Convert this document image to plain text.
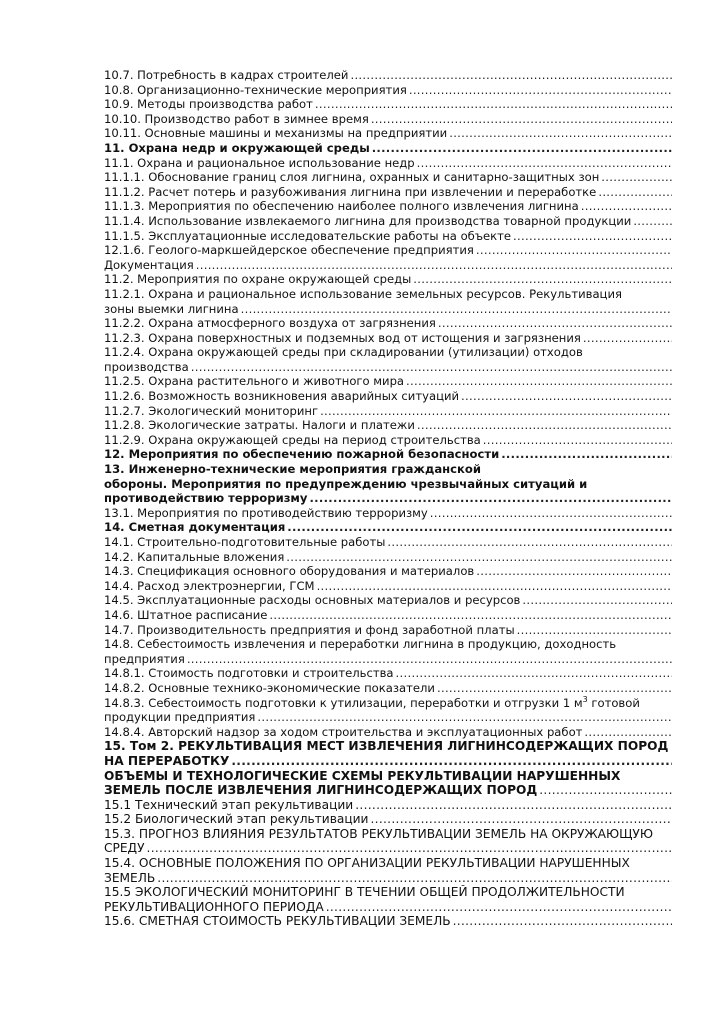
10.7. Потребность в кадрах строителей
.....
10.8. Организационно-технические мероприятия
.....
10.9. Методы производства работ
.....
10.10. Производство работ в зимнее время
.....
10.11. Основные машины и механизмы на предприятии
.....
11. Охрана недр и окружающей среды
.....
11.1. Охрана и рациональное использование недр
.....
11.1.1. Обоснование границ слоя лигнина, охранных и санитарно-защитных зон
.....
11.1.2. Расчет потерь и разубоживания лигнина при извлечении и переработке
.....
11.1.3. Мероприятия по обеспечению наиболее полного извлечения лигнина
.....
11.1.4. Использование извлекаемого лигнина для производства товарной продукции
.....
11.1.5. Эксплуатационные исследовательские работы на объекте
.....
12.1.6. Геолого-маркшейдерское обеспечение предприятия
.....
Документация
.....
11.2. Мероприятия по охране окружающей среды
.....
11.2.1. Охрана и рациональное использование земельных ресурсов. Рекультивация
зоны выемки лигнина
.....
11.2.2. Охрана атмосферного воздуха от загрязнения
.....
11.2.3. Охрана поверхностных и подземных вод от истощения и загрязнения
.....
11.2.4. Охрана окружающей среды при складировании (утилизации) отходов
производства
.....
11.2.5. Охрана растительного и животного мира
.....
11.2.6. Возможность возникновения аварийных ситуаций
.....
11.2.7. Экологический мониторинг
.....
11.2.8. Экологические затраты. Налоги и платежи
.....
11.2.9. Охрана окружающей среды на период строительства
.....
12. Мероприятия по обеспечению пожарной безопасности
.....
13. Инженерно-технические мероприятия гражданской
обороны. Мероприятия по предупреждению чрезвычайных ситуаций и
противодействию терроризму
.....
13.1. Мероприятия по противодействию терроризму
.....
14. Сметная документация
.....
14.1. Строительно-подготовительные работы
.....
14.2. Капитальные вложения
.....
14.3. Спецификация основного оборудования и материалов
.....
14.4. Расход электроэнергии, ГСМ
.....
14.5. Эксплуатационные расходы основных материалов и ресурсов
.....
14.6. Штатное расписание
.....
14.7. Производительность предприятия и фонд заработной платы
.....
14.8. Себестоимость извлечения и переработки лигнина в продукцию, доходность
предприятия
.....
14.8.1. Стоимость подготовки и строительства
.....
14.8.2. Основные технико-экономические показатели
.....
14.8.3. Себестоимость подготовки к утилизации, переработки и отгрузки 1 $м^3$ готовой
продукции предприятия
.....
14.8.4. Авторский надзор за ходом строительства и эксплуатационных работ
.....
15. Том 2. РЕКУЛЬТИВАЦИЯ МЕСТ ИЗВЛЕЧЕНИЯ ЛИГНИНСОДЕРЖАЩИХ ПОРОД
НА ПЕРЕРАБОТКУ
.....
ОБЪЕМЫ И ТЕХНОЛОГИЧЕСКИЕ СХЕМЫ РЕКУЛЬТИВАЦИИ НАРУШЕННЫХ
ЗЕМЕЛЬ ПОСЛЕ ИЗВЛЕЧЕНИЯ ЛИГНИНСОДЕРЖАЩИХ ПОРОД
.....
15.1 Технический этап рекультивации
.....
15.2 Биологический этап рекультивации
.....
15.3. ПРОГНОЗ ВЛИЯНИЯ РЕЗУЛЬТАТОВ РЕКУЛЬТИВАЦИИ ЗЕМЕЛЬ НА ОКРУЖАЮЩУЮ
СРЕДУ
.....
15.4. ОСНОВНЫЕ ПОЛОЖЕНИЯ ПО ОРГАНИЗАЦИИ РЕКУЛЬТИВАЦИИ НАРУШЕННЫХ
ЗЕМЕЛЬ
.....
15.5 ЭКОЛОГИЧЕСКИЙ МОНИТОРИНГ В ТЕЧЕНИИ ОБЩЕЙ ПРОДОЛЖИТЕЛЬНОСТИ
РЕКУЛЬТИВАЦИОННОГО ПЕРИОДА
.....
15.6. СМЕТНАЯ СТОИМОСТЬ РЕКУЛЬТИВАЦИИ ЗЕМЕЛЬ
.....
